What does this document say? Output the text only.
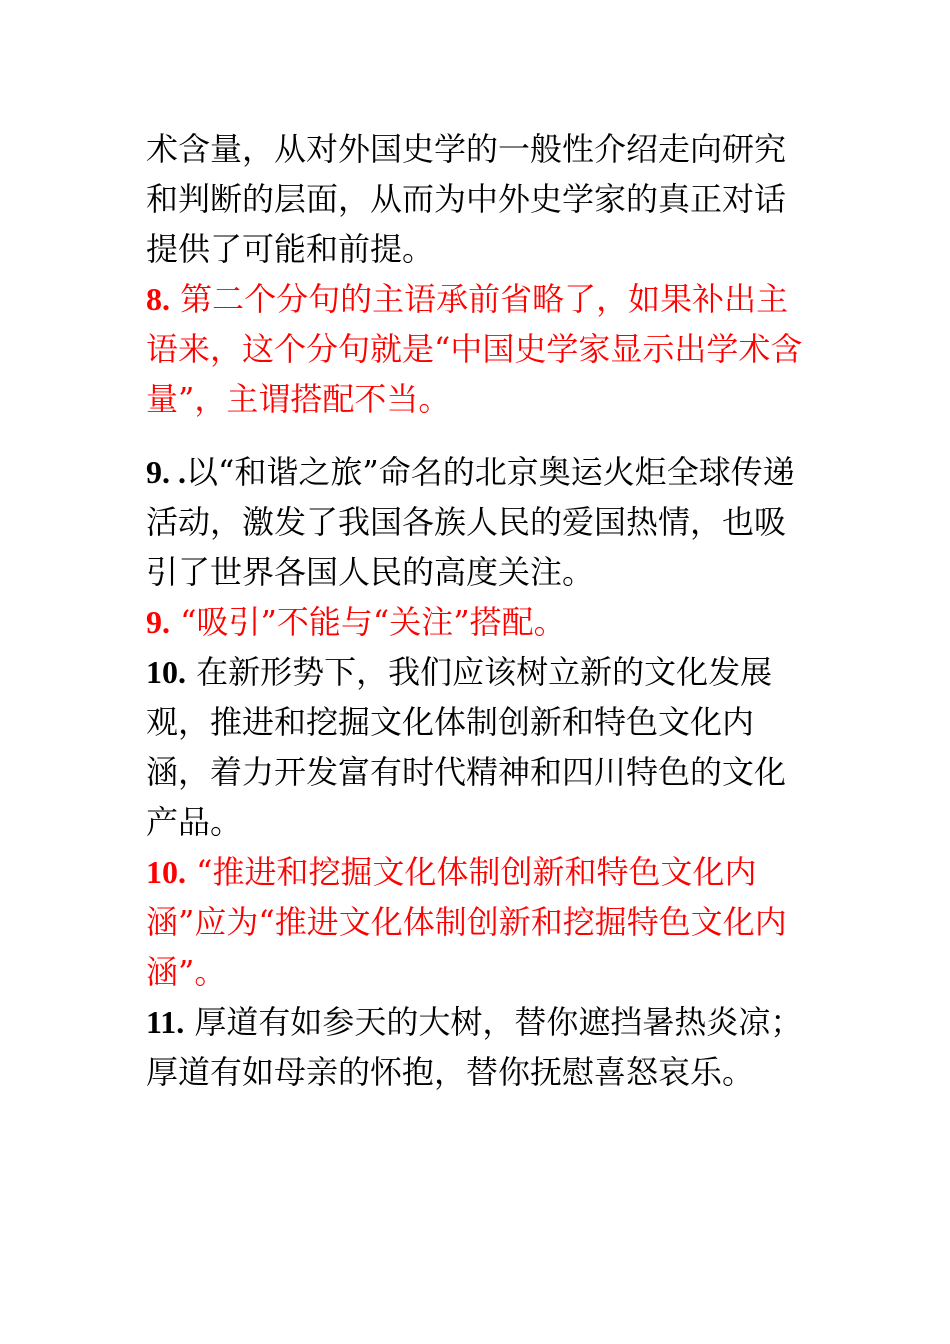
术含量，从对外国史学的一般性介绍走向研究和判断的层面，从而为中外史学家的真正对话提供了可能和前提。

8. 第二个分句的主语承前省略了，如果补出主语来，这个分句就是“中国史学家显示出学术含量”，主谓搭配不当。

9. .以“和谐之旅”命名的北京奥运火炬全球传递活动，激发了我国各族人民的爱国热情，也吸引了世界各国人民的高度关注。

9. “吸引”不能与“关注”搭配。

10. 在新形势下，我们应该树立新的文化发展观，推进和挖掘文化体制创新和特色文化内涵，着力开发富有时代精神和四川特色的文化产品。

10. “推进和挖掘文化体制创新和特色文化内涵”应为“推进文化体制创新和挖掘特色文化内涵”。

11. 厚道有如参天的大树，替你遮挡暑热炎凉；厚道有如母亲的怀抱，替你抚慰喜怒哀乐。
